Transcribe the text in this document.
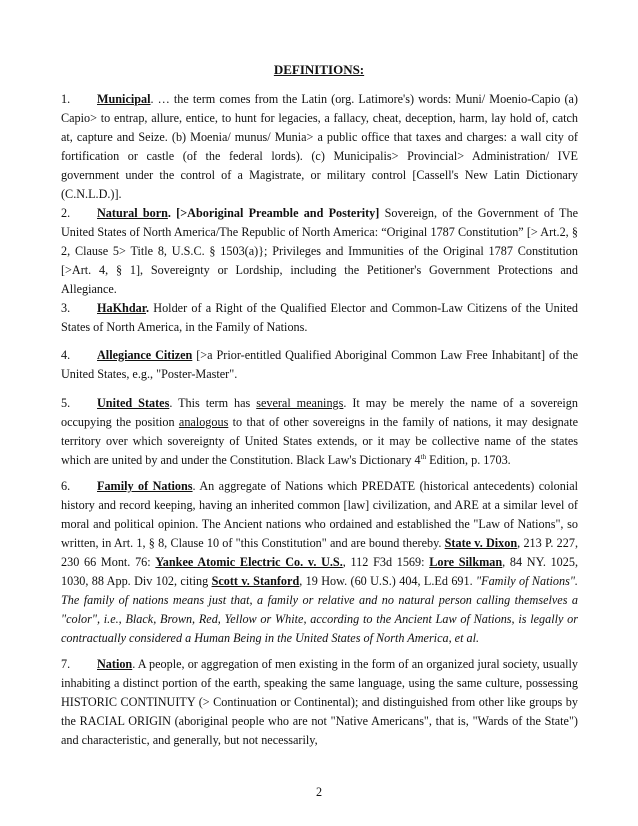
DEFINITIONS:

1. Municipal. … the term comes from the Latin (org. Latimore's) words: Muni/ Moenio-Capio (a) Capio> to entrap, allure, entice, to hunt for legacies, a fallacy, cheat, deception, harm, lay hold of, catch at, capture and Seize. (b) Moenia/ munus/ Munia> a public office that taxes and charges: a wall city of fortification or castle (of the federal lords). (c) Municipalis> Provincial> Administration/ IVE government under the control of a Magistrate, or military control [Cassell's New Latin Dictionary (C.N.L.D.)].

2. Natural born. [>Aboriginal Preamble and Posterity] Sovereign, of the Government of The United States of North America/The Republic of North America: “Original 1787 Constitution” [> Art.2, § 2, Clause 5> Title 8, U.S.C. § 1503(a)}; Privileges and Immunities of the Original 1787 Constitution [>Art. 4, § 1], Sovereignty or Lordship, including the Petitioner's Government Protections and Allegiance.

3. HaKhdar. Holder of a Right of the Qualified Elector and Common-Law Citizens of the United States of North America, in the Family of Nations.

4. Allegiance Citizen [>a Prior-entitled Qualified Aboriginal Common Law Free Inhabitant] of the United States, e.g., "Poster-Master".

5. United States. This term has several meanings. It may be merely the name of a sovereign occupying the position analogous to that of other sovereigns in the family of nations, it may designate territory over which sovereignty of United States extends, or it may be collective name of the states which are united by and under the Constitution. Black Law's Dictionary 4th Edition, p. 1703.

6. Family of Nations. An aggregate of Nations which PREDATE (historical antecedents) colonial history and record keeping, having an inherited common [law] civilization, and ARE at a similar level of moral and political opinion. The Ancient nations who ordained and established the "Law of Nations", so written, in Art. 1, § 8, Clause 10 of "this Constitution" and are bound thereby. State v. Dixon, 213 P. 227, 230 66 Mont. 76: Yankee Atomic Electric Co. v. U.S., 112 F3d 1569: Lore Silkman, 84 NY. 1025, 1030, 88 App. Div 102, citing Scott v. Stanford, 19 How. (60 U.S.) 404, L.Ed 691. "Family of Nations". The family of nations means just that, a family or relative and no natural person calling themselves a "color", i.e., Black, Brown, Red, Yellow or White, according to the Ancient Law of Nations, is legally or contractually considered a Human Being in the United States of North America, et al.

7. Nation. A people, or aggregation of men existing in the form of an organized jural society, usually inhabiting a distinct portion of the earth, speaking the same language, using the same culture, possessing HISTORIC CONTINUITY (> Continuation or Continental); and distinguished from other like groups by the RACIAL ORIGIN (aboriginal people who are not "Native Americans", that is, "Wards of the State") and characteristic, and generally, but not necessarily,

2
